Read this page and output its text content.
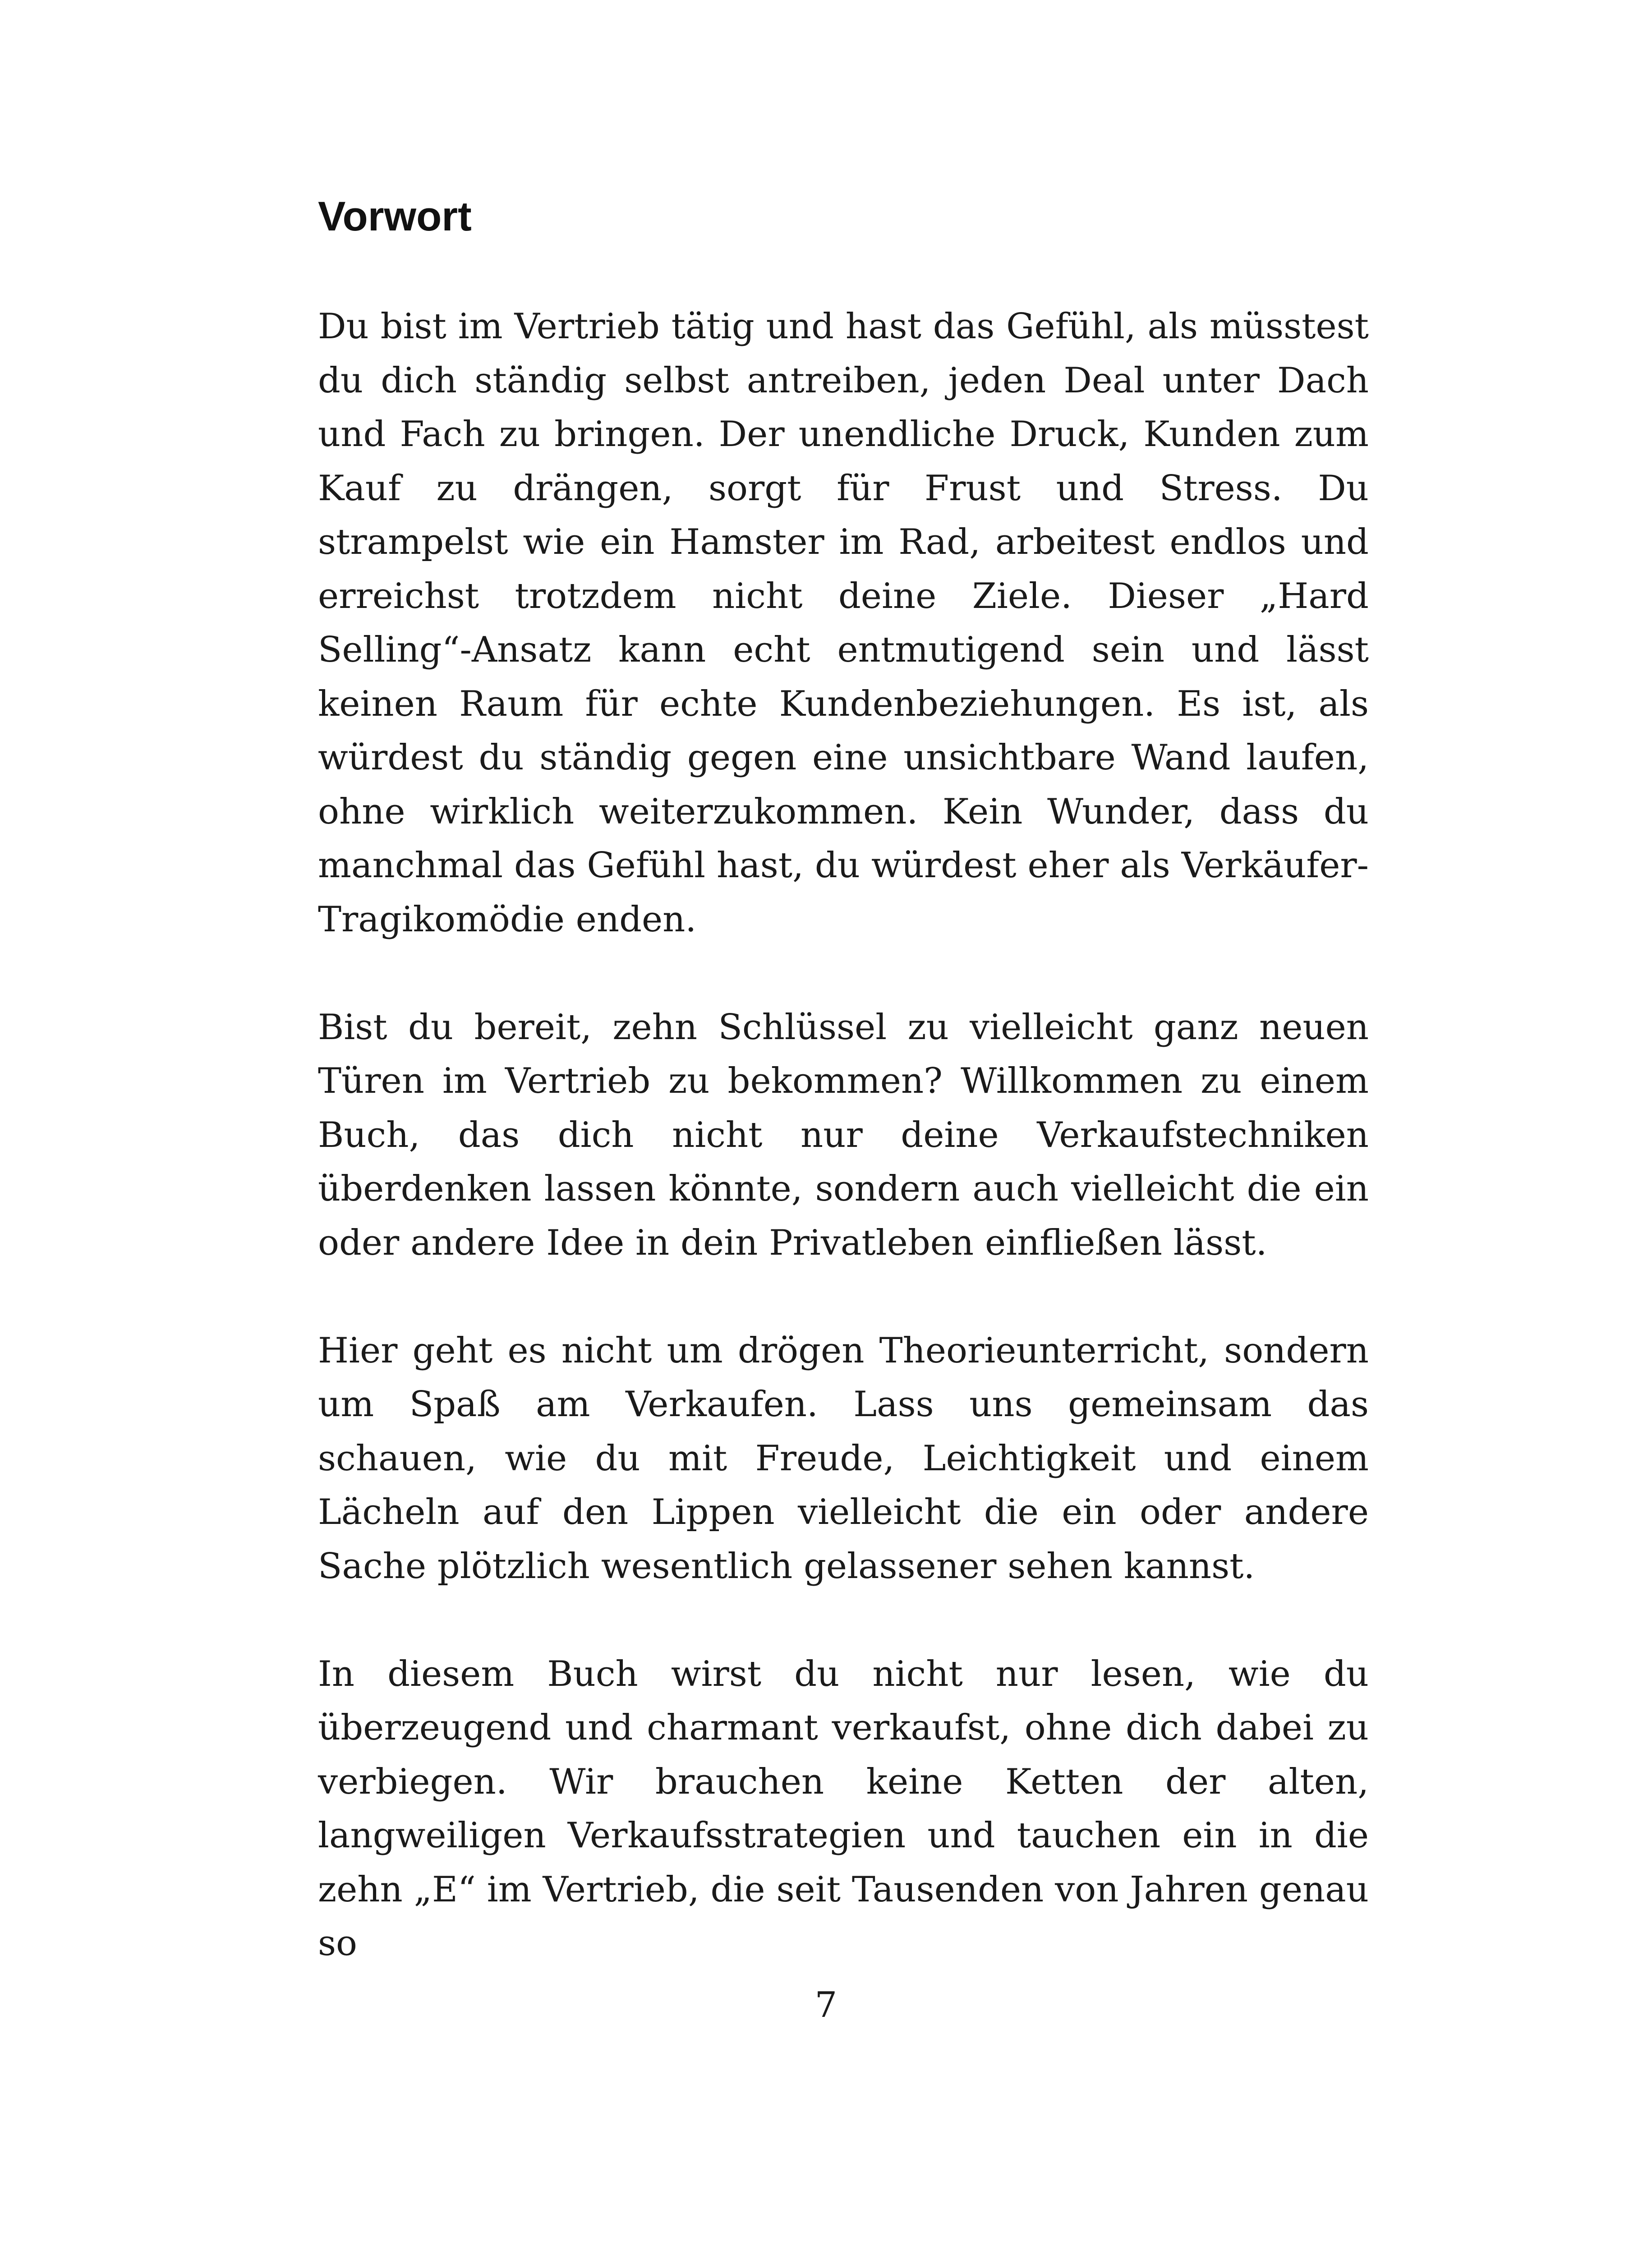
Vorwort

Du bist im Vertrieb tätig und hast das Gefühl, als müsstest du dich ständig selbst antreiben, jeden Deal unter Dach und Fach zu bringen. Der unendliche Druck, Kunden zum Kauf zu drängen, sorgt für Frust und Stress. Du strampelst wie ein Hamster im Rad, arbeitest endlos und erreichst trotzdem nicht deine Ziele. Dieser „Hard Selling“-Ansatz kann echt entmutigend sein und lässt keinen Raum für echte Kundenbeziehungen. Es ist, als würdest du ständig gegen eine unsichtbare Wand laufen, ohne wirklich weiterzukommen. Kein Wunder, dass du manchmal das Gefühl hast, du würdest eher als Verkäufer-Tragikomödie enden.

Bist du bereit, zehn Schlüssel zu vielleicht ganz neuen Türen im Vertrieb zu bekommen? Willkommen zu einem Buch, das dich nicht nur deine Verkaufstechniken überdenken lassen könnte, sondern auch vielleicht die ein oder andere Idee in dein Privatleben einfließen lässt.

Hier geht es nicht um drögen Theorieunterricht, sondern um Spaß am Verkaufen. Lass uns gemeinsam das schauen, wie du mit Freude, Leichtigkeit und einem Lächeln auf den Lippen vielleicht die ein oder andere Sache plötzlich wesentlich gelassener sehen kannst.

In diesem Buch wirst du nicht nur lesen, wie du überzeugend und charmant verkaufst, ohne dich dabei zu verbiegen. Wir brauchen keine Ketten der alten, langweiligen Verkaufsstrategien und tauchen ein in die zehn „E“ im Vertrieb, die seit Tausenden von Jahren genau so

7
